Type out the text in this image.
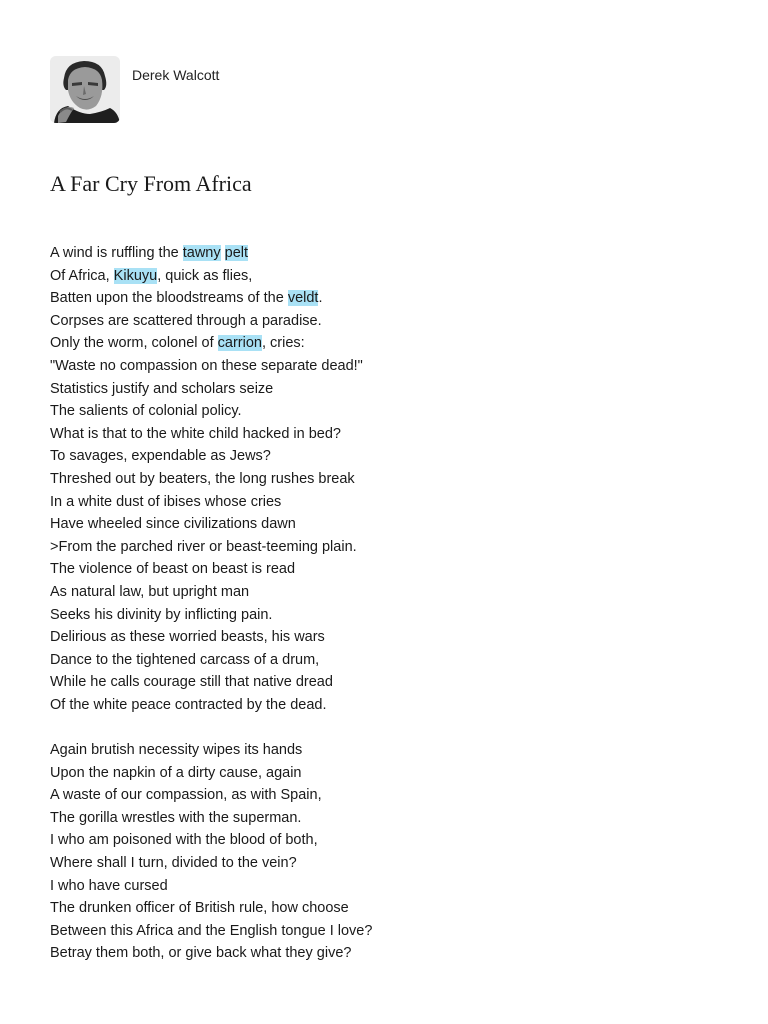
Derek Walcott
A Far Cry From Africa
A wind is ruffling the tawny pelt
Of Africa, Kikuyu, quick as flies,
Batten upon the bloodstreams of the veldt.
Corpses are scattered through a paradise.
Only the worm, colonel of carrion, cries:
"Waste no compassion on these separate dead!"
Statistics justify and scholars seize
The salients of colonial policy.
What is that to the white child hacked in bed?
To savages, expendable as Jews?
Threshed out by beaters, the long rushes break
In a white dust of ibises whose cries
Have wheeled since civilizations dawn
>From the parched river or beast-teeming plain.
The violence of beast on beast is read
As natural law, but upright man
Seeks his divinity by inflicting pain.
Delirious as these worried beasts, his wars
Dance to the tightened carcass of a drum,
While he calls courage still that native dread
Of the white peace contracted by the dead.
Again brutish necessity wipes its hands
Upon the napkin of a dirty cause, again
A waste of our compassion, as with Spain,
The gorilla wrestles with the superman.
I who am poisoned with the blood of both,
Where shall I turn, divided to the vein?
I who have cursed
The drunken officer of British rule, how choose
Between this Africa and the English tongue I love?
Betray them both, or give back what they give?
